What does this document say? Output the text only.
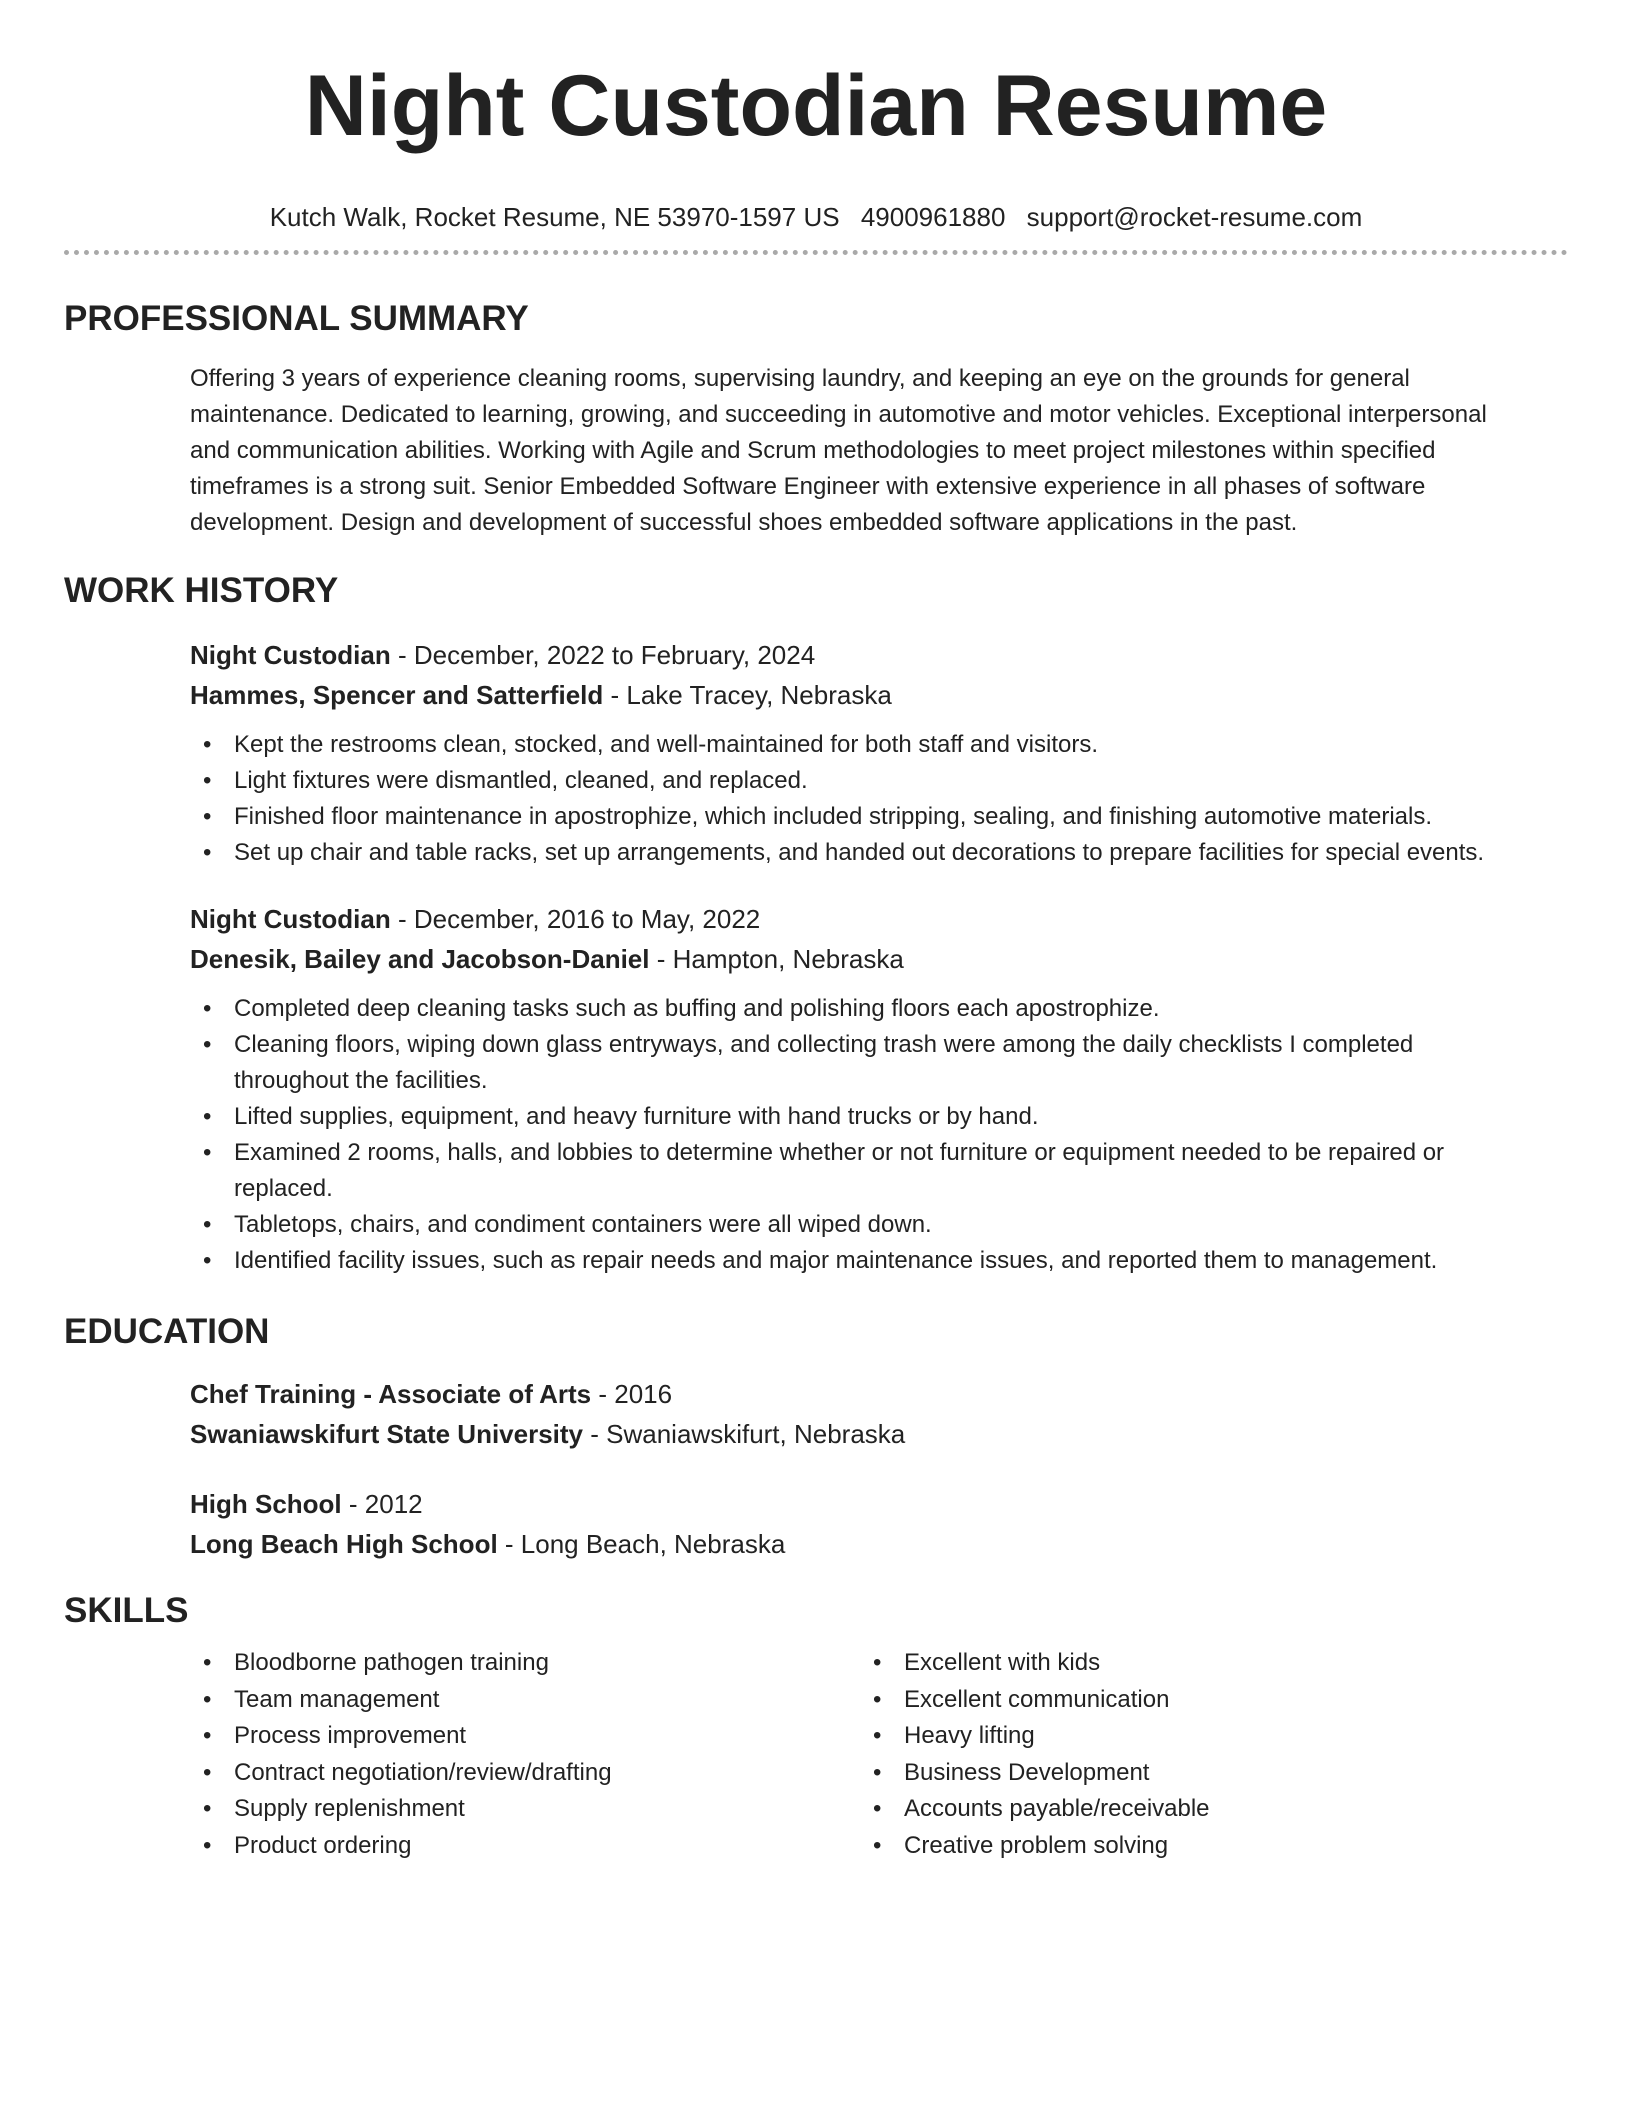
Night Custodian Resume
Kutch Walk, Rocket Resume, NE 53970-1597 US 4900961880 support@rocket-resume.com
PROFESSIONAL SUMMARY

Offering 3 years of experience cleaning rooms, supervising laundry, and keeping an eye on the grounds for general maintenance. Dedicated to learning, growing, and succeeding in automotive and motor vehicles. Exceptional interpersonal and communication abilities. Working with Agile and Scrum methodologies to meet project milestones within specified timeframes is a strong suit. Senior Embedded Software Engineer with extensive experience in all phases of software development. Design and development of successful shoes embedded software applications in the past.

WORK HISTORY
Night Custodian - December, 2022 to February, 2024
Hammes, Spencer and Satterfield - Lake Tracey, Nebraska
• Kept the restrooms clean, stocked, and well-maintained for both staff and visitors.
• Light fixtures were dismantled, cleaned, and replaced.
• Finished floor maintenance in apostrophize, which included stripping, sealing, and finishing automotive materials.
• Set up chair and table racks, set up arrangements, and handed out decorations to prepare facilities for special events.
Night Custodian - December, 2016 to May, 2022
Denesik, Bailey and Jacobson-Daniel - Hampton, Nebraska
• Completed deep cleaning tasks such as buffing and polishing floors each apostrophize.
• Cleaning floors, wiping down glass entryways, and collecting trash were among the daily checklists I completed throughout the facilities.
• Lifted supplies, equipment, and heavy furniture with hand trucks or by hand.
• Examined 2 rooms, halls, and lobbies to determine whether or not furniture or equipment needed to be repaired or replaced.
• Tabletops, chairs, and condiment containers were all wiped down.
• Identified facility issues, such as repair needs and major maintenance issues, and reported them to management.
EDUCATION
Chef Training - Associate of Arts - 2016
Swaniawskifurt State University - Swaniawskifurt, Nebraska
High School - 2012
Long Beach High School - Long Beach, Nebraska
SKILLS
• Bloodborne pathogen training
• Team management
• Process improvement
• Contract negotiation/review/drafting
• Supply replenishment
• Product ordering
• Excellent with kids
• Excellent communication
• Heavy lifting
• Business Development
• Accounts payable/receivable
• Creative problem solving
